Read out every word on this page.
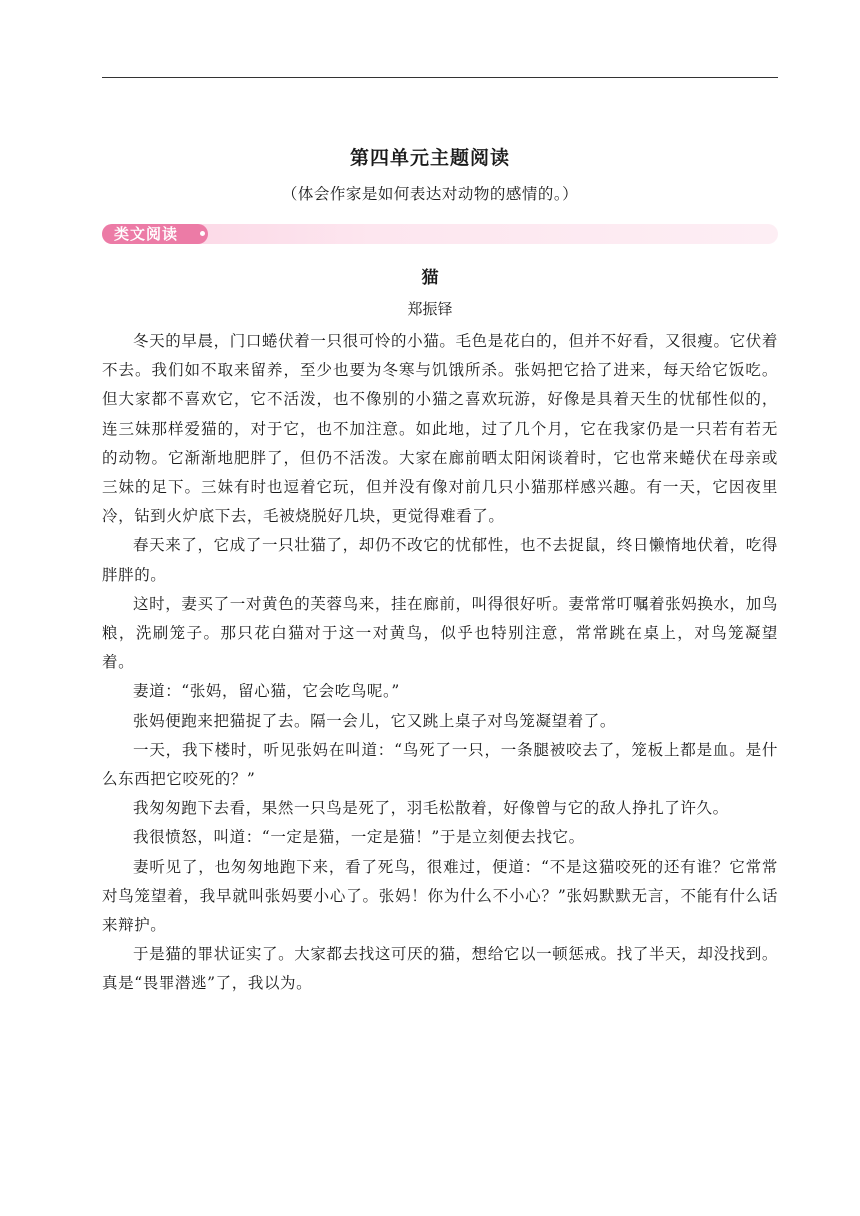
第四单元主题阅读
（体会作家是如何表达对动物的感情的。）
类文阅读
猫
郑振铎

冬天的早晨，门口蜷伏着一只很可怜的小猫。毛色是花白的，但并不好看，又很瘦。它伏着不去。我们如不取来留养，至少也要为冬寒与饥饿所杀。张妈把它拾了进来，每天给它饭吃。但大家都不喜欢它，它不活泼，也不像别的小猫之喜欢玩游，好像是具着天生的忧郁性似的，连三妹那样爱猫的，对于它，也不加注意。如此地，过了几个月，它在我家仍是一只若有若无的动物。它渐渐地肥胖了，但仍不活泼。大家在廊前晒太阳闲谈着时，它也常来蜷伏在母亲或三妹的足下。三妹有时也逗着它玩，但并没有像对前几只小猫那样感兴趣。有一天，它因夜里冷，钻到火炉底下去，毛被烧脱好几块，更觉得难看了。

春天来了，它成了一只壮猫了，却仍不改它的忧郁性，也不去捉鼠，终日懒惰地伏着，吃得胖胖的。

这时，妻买了一对黄色的芙蓉鸟来，挂在廊前，叫得很好听。妻常常叮嘱着张妈换水，加鸟粮，洗刷笼子。那只花白猫对于这一对黄鸟，似乎也特别注意，常常跳在桌上，对鸟笼凝望着。

妻道：“张妈，留心猫，它会吃鸟呢。”

张妈便跑来把猫捉了去。隔一会儿，它又跳上桌子对鸟笼凝望着了。

一天，我下楼时，听见张妈在叫道：“鸟死了一只，一条腿被咬去了，笼板上都是血。是什么东西把它咬死的？”

我匆匆跑下去看，果然一只鸟是死了，羽毛松散着，好像曾与它的敌人挣扎了许久。

我很愤怒，叫道：“一定是猫，一定是猫！”于是立刻便去找它。

妻听见了，也匆匆地跑下来，看了死鸟，很难过，便道：“不是这猫咬死的还有谁？它常常对鸟笼望着，我早就叫张妈要小心了。张妈！你为什么不小心？”张妈默默无言，不能有什么话来辩护。

于是猫的罪状证实了。大家都去找这可厌的猫，想给它以一顿惩戒。找了半天，却没找到。真是“畏罪潜逃”了，我以为。
